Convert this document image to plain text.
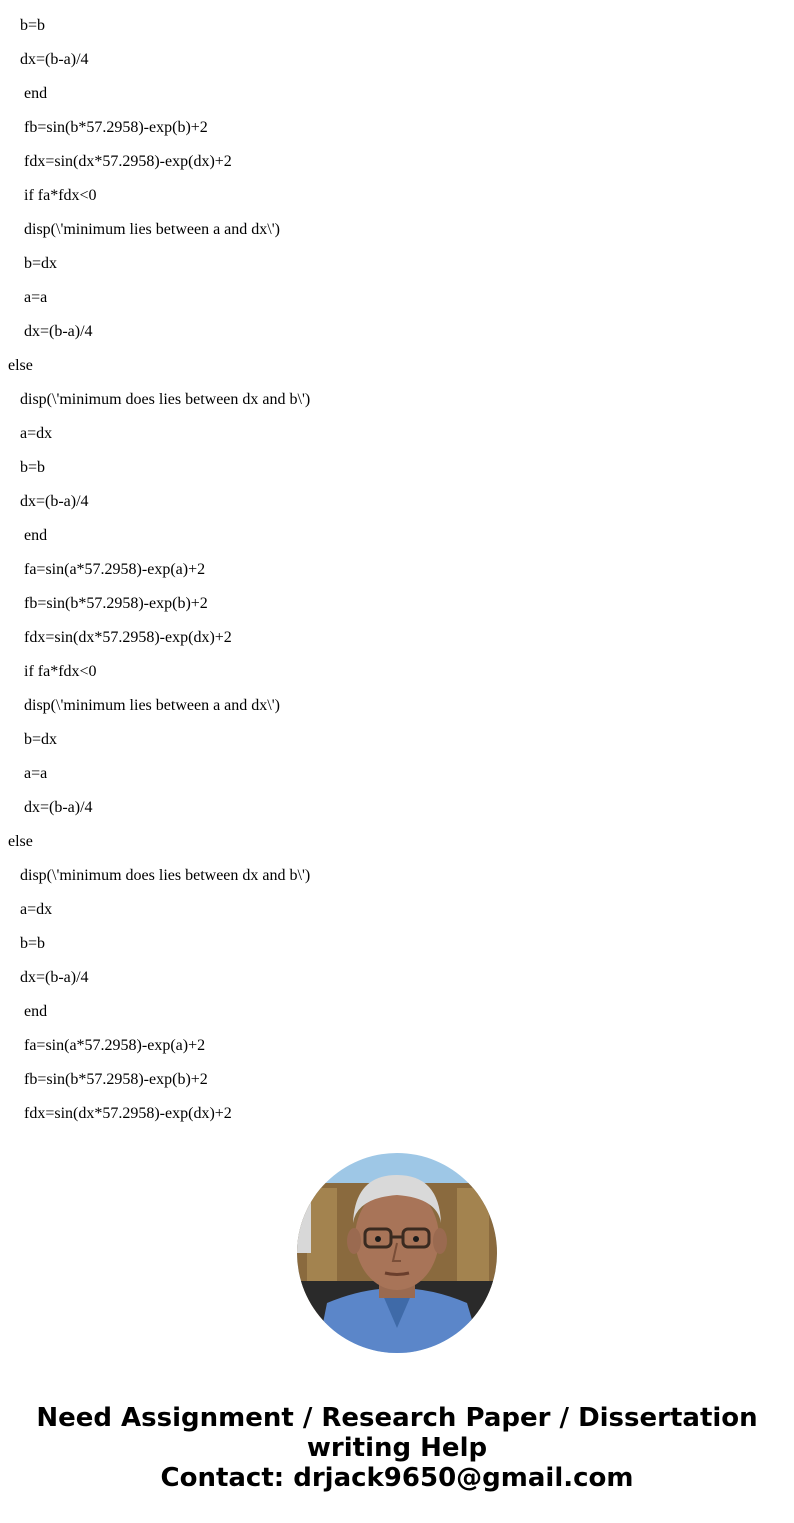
b=b
dx=(b-a)/4
end
fb=sin(b*57.2958)-exp(b)+2
fdx=sin(dx*57.2958)-exp(dx)+2
if fa*fdx<0
disp(\'minimum lies between a and dx\')
b=dx
a=a
dx=(b-a)/4
else
disp(\'minimum does lies between dx and b\')
a=dx
b=b
dx=(b-a)/4
end
fa=sin(a*57.2958)-exp(a)+2
fb=sin(b*57.2958)-exp(b)+2
fdx=sin(dx*57.2958)-exp(dx)+2
if fa*fdx<0
disp(\'minimum lies between a and dx\')
b=dx
a=a
dx=(b-a)/4
else
disp(\'minimum does lies between dx and b\')
a=dx
b=b
dx=(b-a)/4
end
fa=sin(a*57.2958)-exp(a)+2
fb=sin(b*57.2958)-exp(b)+2
fdx=sin(dx*57.2958)-exp(dx)+2
Need Assignment / Research Paper / Dissertation
writing Help
Contact: drjack9650@gmail.com
